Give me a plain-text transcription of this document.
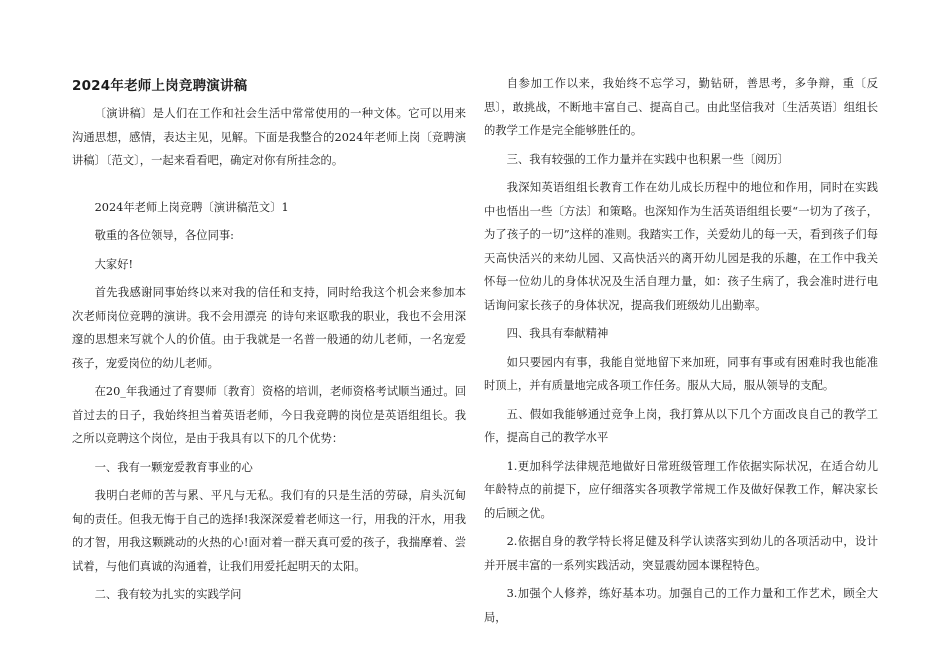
2024年老师上岗竞聘演讲稿

〔演讲稿〕是人们在工作和社会生活中常常使用的一种文体。它可以用来沟通思想，感情，表达主见，见解。下面是我整合的2024年老师上岗〔竞聘演讲稿〕〔范文〕，一起来看看吧，确定对你有所挂念的。

2024年老师上岗竞聘〔演讲稿范文〕1

敬重的各位领导，各位同事:

大家好!

首先我感谢同事始终以来对我的信任和支持，同时给我这个机会来参加本次老师岗位竞聘的演讲。我不会用漂亮 的诗句来讴歌我的职业，我也不会用深邃的思想来写就个人的价值。由于我就是一名普一般通的幼儿老师，一名宠爱孩子，宠爱岗位的幼儿老师。

在20_年我通过了育婴师〔教育〕资格的培训，老师资格考试顺当通过。回首过去的日子，我始终担当着英语老师，今日我竞聘的岗位是英语组组长。我之所以竞聘这个岗位，是由于我具有以下的几个优势：

一、我有一颗宠爱教育事业的心

我明白老师的苦与累、平凡与无私。我们有的只是生活的劳碌，肩头沉甸甸的责任。但我无悔于自己的选择!我深深爱着老师这一行，用我的汗水，用我的才智，用我这颗跳动的火热的心!面对着一群天真可爱的孩子，我揣摩着、尝试着，与他们真诚的沟通着，让我们用爱托起明天的太阳。

二、我有较为扎实的实践学问

自参加工作以来，我始终不忘学习，勤钻研，善思考，多争辩，重〔反思〕，敢挑战，不断地丰富自己、提高自己。由此坚信我对〔生活英语〕组组长的教学工作是完全能够胜任的。

三、我有较强的工作力量并在实践中也积累一些〔阅历〕

我深知英语组组长教育工作在幼儿成长历程中的地位和作用，同时在实践中也悟出一些〔方法〕和策略。也深知作为生活英语组组长要“一切为了孩子，为了孩子的一切”这样的准则。我踏实工作，关爱幼儿的每一天，看到孩子们每天高快活兴的来幼儿园、又高快活兴的离开幼儿园是我的乐趣，在工作中我关怀每一位幼儿的身体状况及生活自理力量，如：孩子生病了，我会准时进行电话询问家长孩子的身体状况，提高我们班级幼儿出勤率。

四、我具有奉献精神

如只要园内有事，我能自觉地留下来加班，同事有事或有困难时我也能准时顶上，并有质量地完成各项工作任务。服从大局，服从领导的支配。

五、假如我能够通过竞争上岗，我打算从以下几个方面改良自己的教学工作，提高自己的教学水平

1.更加科学法律规范地做好日常班级管理工作依据实际状况，在适合幼儿年龄特点的前提下，应仔细落实各项教学常规工作及做好保教工作，解决家长的后顾之优。

2.依据自身的教学特长将足健及科学认读落实到幼儿的各项活动中，设计并开展丰富的一系列实践活动，突显震幼园本课程特色。

3.加强个人修养，练好基本功。加强自己的工作力量和工作艺术，顾全大局，
